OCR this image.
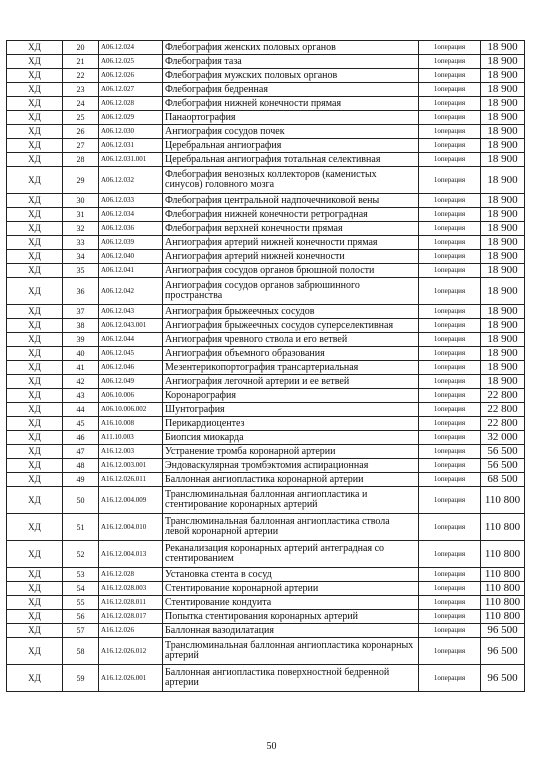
ХД	20	A06.12.024	Флебография женских половых органов	1операция	18 900
ХД	21	A06.12.025	Флебография таза	1операция	18 900
ХД	22	A06.12.026	Флебография мужских половых органов	1операция	18 900
ХД	23	A06.12.027	Флебография бедренная	1операция	18 900
ХД	24	A06.12.028	Флебография нижней конечности прямая	1операция	18 900
ХД	25	A06.12.029	Панаортография	1операция	18 900
ХД	26	A06.12.030	Ангиография сосудов почек	1операция	18 900
ХД	27	A06.12.031	Церебральная ангиография	1операция	18 900
ХД	28	A06.12.031.001	Церебральная ангиография тотальная селективная	1операция	18 900
ХД	29	A06.12.032	Флебография венозных коллекторов (каменистых синусов) головного мозга	1операция	18 900
ХД	30	A06.12.033	Флебография центральной надпочечниковой вены	1операция	18 900
ХД	31	A06.12.034	Флебография нижней конечности ретроградная	1операция	18 900
ХД	32	A06.12.036	Флебография верхней конечности прямая	1операция	18 900
ХД	33	A06.12.039	Ангиография артерий нижней конечности прямая	1операция	18 900
ХД	34	A06.12.040	Ангиография артерий нижней конечности	1операция	18 900
ХД	35	A06.12.041	Ангиография сосудов органов брюшной полости	1операция	18 900
ХД	36	A06.12.042	Ангиография сосудов органов забрюшинного пространства	1операция	18 900
ХД	37	A06.12.043	Ангиография брыжеечных сосудов	1операция	18 900
ХД	38	A06.12.043.001	Ангиография брыжеечных сосудов суперселективная	1операция	18 900
ХД	39	A06.12.044	Ангиография чревного ствола и его ветвей	1операция	18 900
ХД	40	A06.12.045	Ангиография объемного образования	1операция	18 900
ХД	41	A06.12.046	Мезентерикопортография трансартериальная	1операция	18 900
ХД	42	A06.12.049	Ангиография легочной артерии и ее ветвей	1операция	18 900
ХД	43	A06.10.006	Коронарография	1операция	22 800
ХД	44	A06.10.006.002	Шунтография	1операция	22 800
ХД	45	A16.10.008	Перикардиоцентез	1операция	22 800
ХД	46	A11.10.003	Биопсия миокарда	1операция	32 000
ХД	47	A16.12.003	Устранение тромба коронарной артерии	1операция	56 500
ХД	48	A16.12.003.001	Эндоваскулярная тромбэктомия аспирационная	1операция	56 500
ХД	49	A16.12.026.011	Баллонная ангиопластика коронарной артерии	1операция	68 500
ХД	50	A16.12.004.009	Транслюминальная баллонная ангиопластика и стентирование коронарных артерий	1операция	110 800
ХД	51	A16.12.004.010	Транслюминальная баллонная ангиопластика ствола левой коронарной артерии	1операция	110 800
ХД	52	A16.12.004.013	Реканализация коронарных артерий антеградная со стентированием	1операция	110 800
ХД	53	A16.12.028	Установка стента в сосуд	1операция	110 800
ХД	54	A16.12.028.003	Стентирование коронарной артерии	1операция	110 800
ХД	55	A16.12.028.011	Стентирование кондуита	1операция	110 800
ХД	56	A16.12.028.017	Попытка стентирования коронарных артерий	1операция	110 800
ХД	57	A16.12.026	Баллонная вазодилатация	1операция	96 500
ХД	58	A16.12.026.012	Транслюминальная баллонная ангиопластика коронарных артерий	1операция	96 500
ХД	59	A16.12.026.001	Баллонная ангиопластика поверхностной бедренной артерии	1операция	96 500
50
